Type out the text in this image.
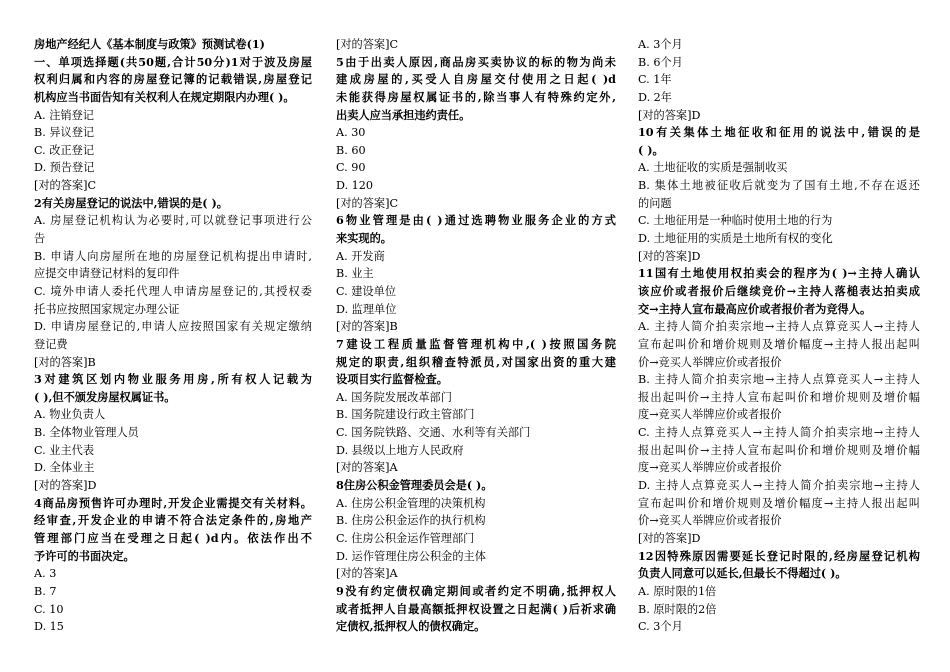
房地产经纪人《基本制度与政策》预测试卷(1)
一、单项选择题(共50题,合计50分)1对于波及房屋
权利归属和内容的房屋登记簿的记载错误,房屋登记
机构应当书面告知有关权利人在规定期限内办理( )。
A. 注销登记
B. 异议登记
C. 改正登记
D. 预告登记
[对的答案]C
2有关房屋登记的说法中,错误的是( )。
A. 房屋登记机构认为必要时,可以就登记事项进行公
告
B. 申请人向房屋所在地的房屋登记机构提出申请时,
应提交申请登记材料的复印件
C. 境外申请人委托代理人申请房屋登记的,其授权委
托书应按照国家规定办理公证
D. 申请房屋登记的,申请人应按照国家有关规定缴纳
登记费
[对的答案]B
3对建筑区划内物业服务用房,所有权人记载为
( ),但不颁发房屋权属证书。
A. 物业负责人
B. 全体物业管理人员
C. 业主代表
D. 全体业主
[对的答案]D
4商品房预售许可办理时,开发企业需提交有关材料。
经审查,开发企业的申请不符合法定条件的,房地产
管理部门应当在受理之日起( )d内。依法作出不
予许可的书面决定。
A. 3
B. 7
C. 10
D. 15
[对的答案]C
5由于出卖人原因,商品房买卖协议的标的物为尚未
建成房屋的,买受人自房屋交付使用之日起( )d
未能获得房屋权属证书的,除当事人有特殊约定外,
出卖人应当承担违约责任。
A. 30
B. 60
C. 90
D. 120
[对的答案]C
6物业管理是由( )通过选聘物业服务企业的方式
来实现的。
A. 开发商
B. 业主
C. 建设单位
D. 监理单位
[对的答案]B
7建设工程质量监督管理机构中,( )按照国务院
规定的职责,组织稽查特派员,对国家出资的重大建
设项目实行监督检查。
A. 国务院发展改革部门
B. 国务院建设行政主管部门
C. 国务院铁路、交通、水利等有关部门
D. 县级以上地方人民政府
[对的答案]A
8住房公积金管理委员会是( )。
A. 住房公积金管理的决策机构
B. 住房公积金运作的执行机构
C. 住房公积金运作管理部门
D. 运作管理住房公积金的主体
[对的答案]A
9没有约定债权确定期间或者约定不明确,抵押权人
或者抵押人自最高额抵押权设置之日起满( )后祈求确
定债权,抵押权人的债权确定。
A. 3个月
B. 6个月
C. 1年
D. 2年
[对的答案]D
10有关集体土地征收和征用的说法中,错误的是
( )。
A. 土地征收的实质是强制收买
B. 集体土地被征收后就变为了国有土地,不存在返还
的问题
C. 土地征用是一种临时使用土地的行为
D. 土地征用的实质是土地所有权的变化
[对的答案]D
11国有土地使用权拍卖会的程序为( )→主持人确认
该应价或者报价后继续竞价→主持人落槌表达拍卖成
交→主持人宣布最高应价或者报价者为竞得人。
A. 主持人简介拍卖宗地→主持人点算竞买人→主持人
宣布起叫价和增价规则及增价幅度→主持人报出起叫
价→竞买人举牌应价或者报价
B. 主持人简介拍卖宗地→主持人点算竞买人→主持人
报出起叫价→主持人宣布起叫价和增价规则及增价幅
度→竞买人举牌应价或者报价
C. 主持人点算竞买人→主持人简介拍卖宗地→主持人
报出起叫价→主持人宣布起叫价和增价规则及增价幅
度→竞买人举牌应价或者报价
D. 主持人点算竞买人→主持人简介拍卖宗地→主持人
宣布起叫价和增价规则及增价幅度→主持人报出起叫
价→竞买人举牌应价或者报价
[对的答案]D
12因特殊原因需要延长登记时限的,经房屋登记机构
负责人同意可以延长,但最长不得超过( )。
A. 原时限的1倍
B. 原时限的2倍
C. 3个月
